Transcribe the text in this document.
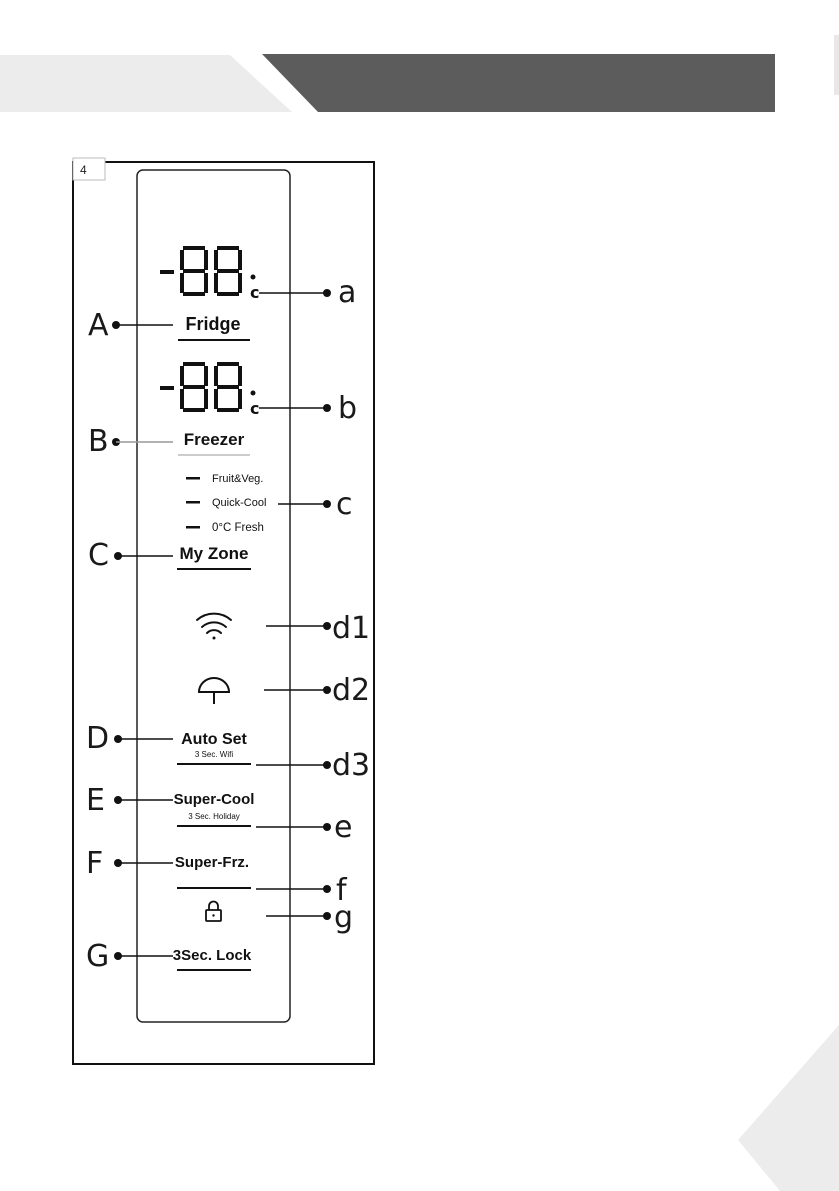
4
c
Fridge
c
Freezer
Fruit&Veg.
Quick-Cool
0°C Fresh
My Zone
Auto Set
3 Sec. Wifi
Super-Cool
3 Sec. Holiday
Super-Frz.
3Sec. Lock
A
B
C
D
E
F
G
a
b
c
d1
d2
d3
e
f
g
